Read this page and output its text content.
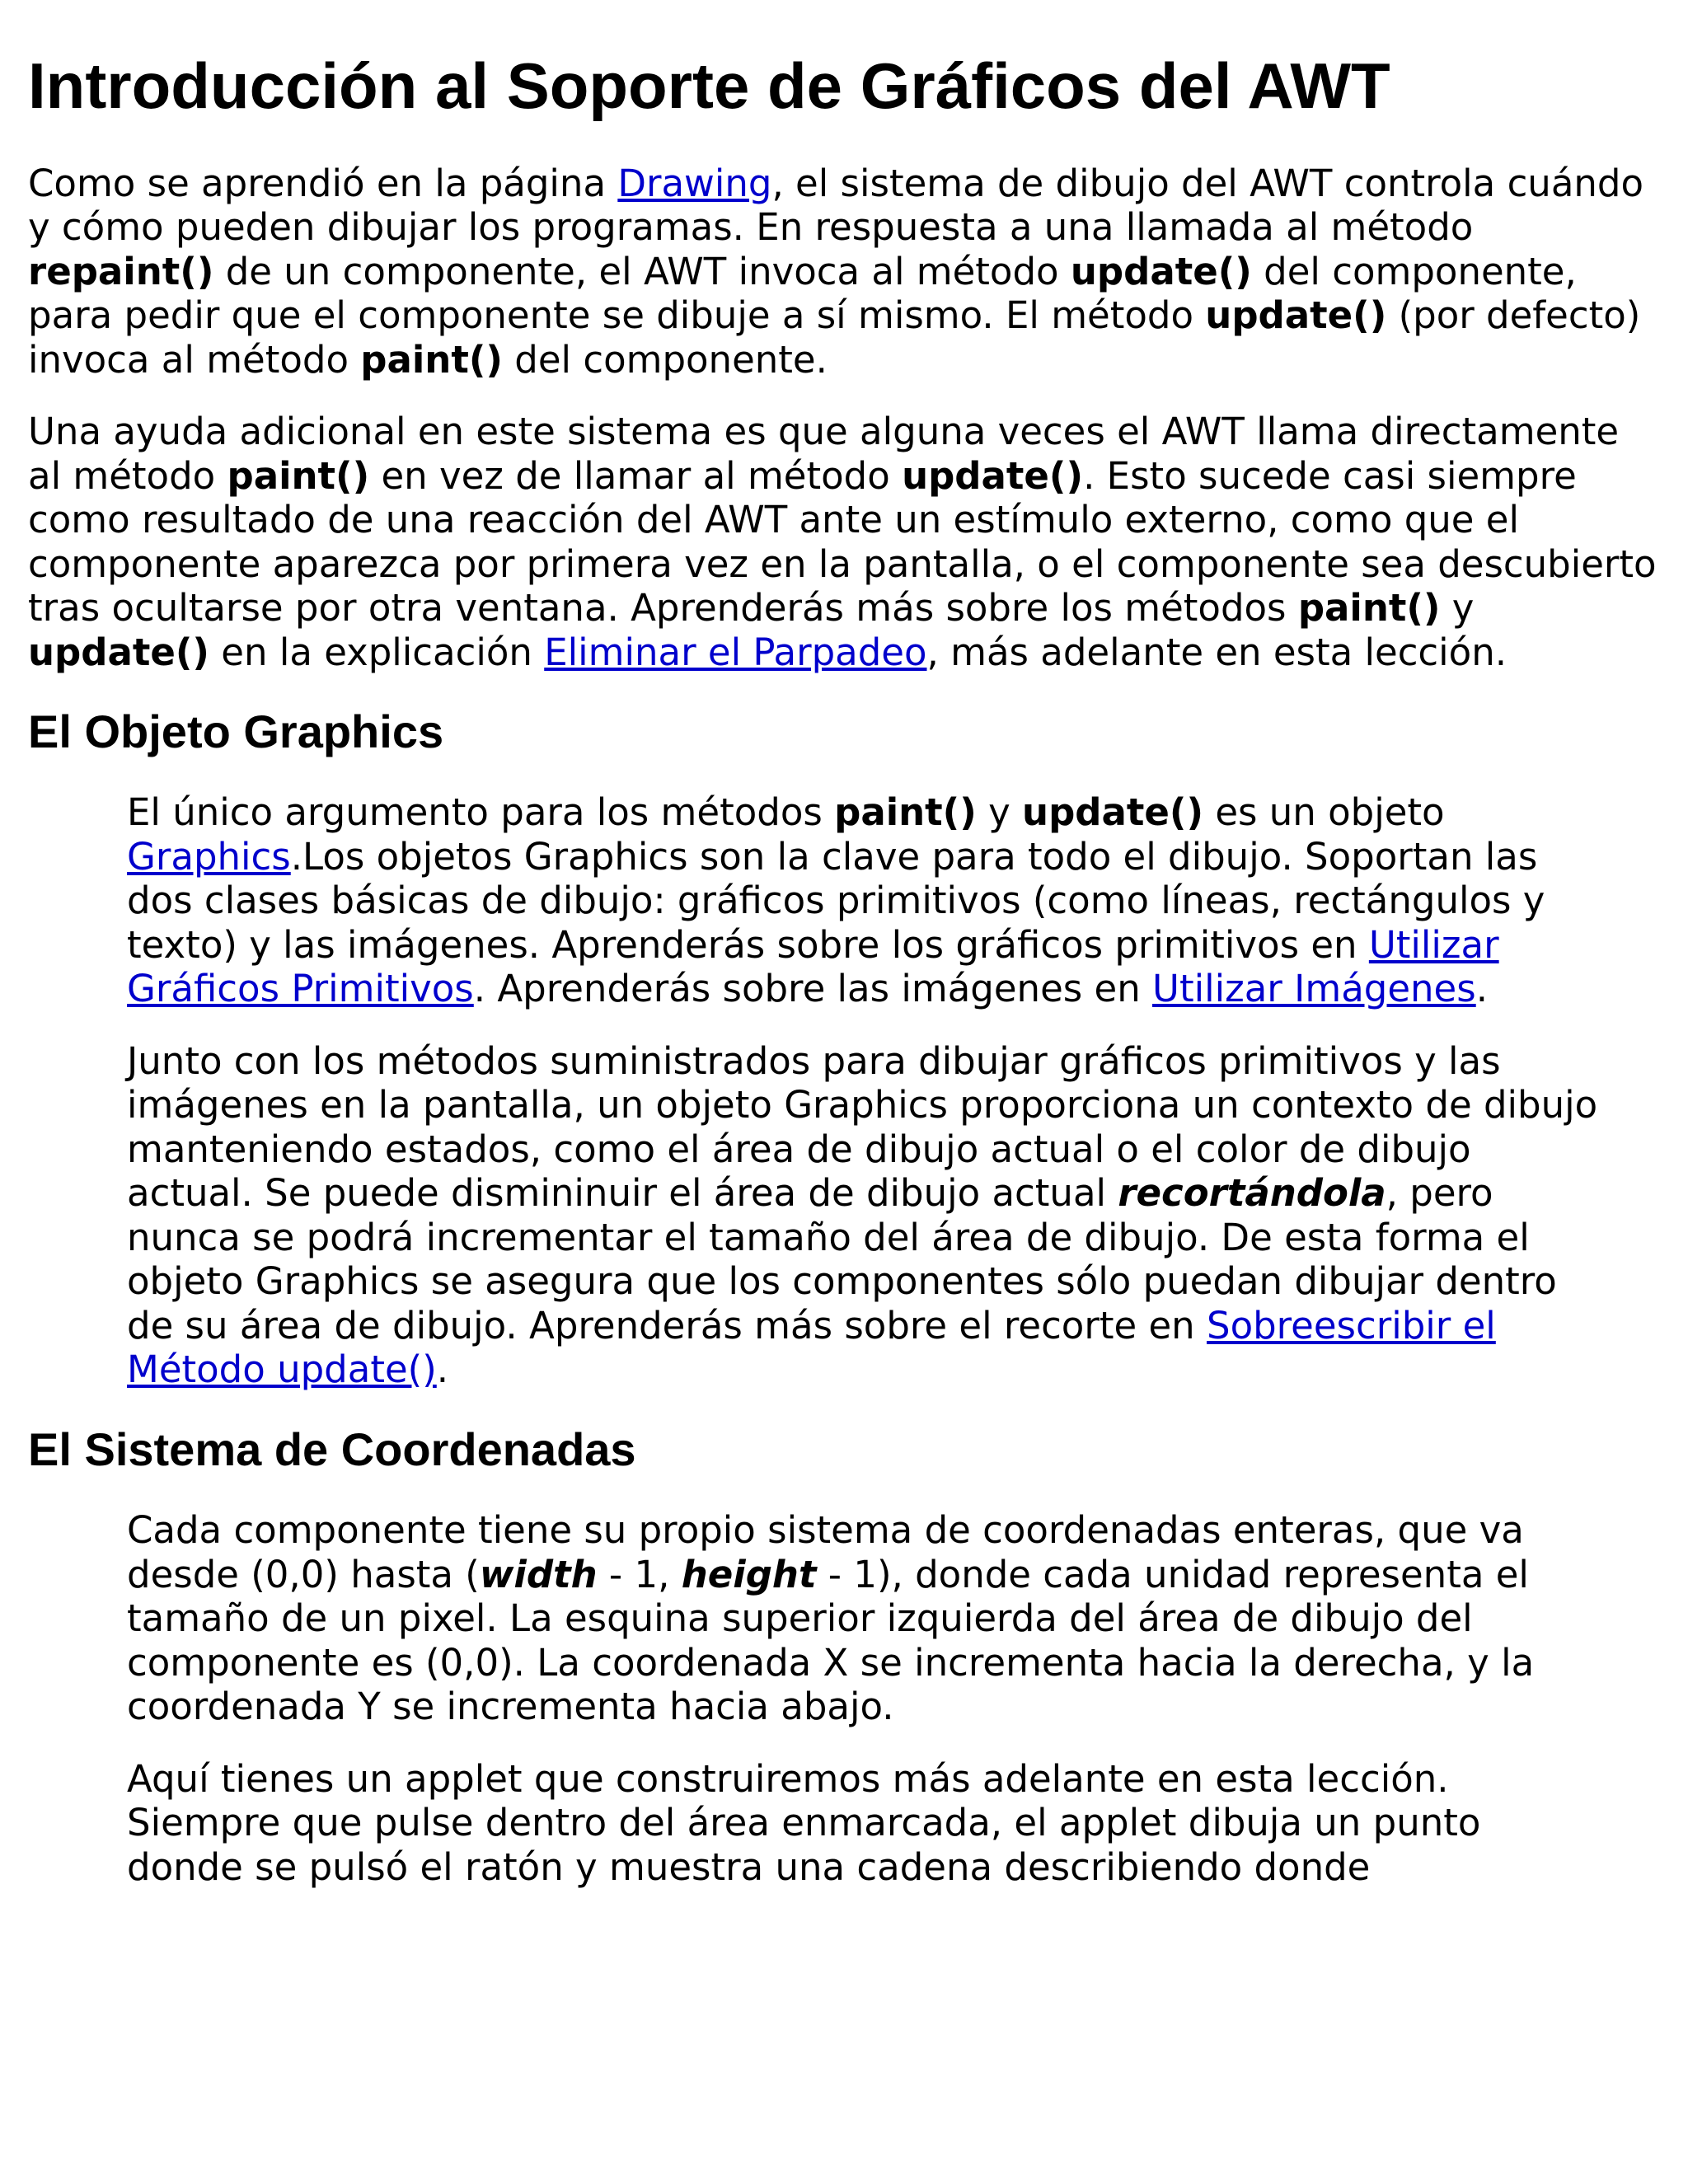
Introducción al Soporte de Gráficos del AWT

Como se aprendió en la página Drawing, el sistema de dibujo del AWT controla cuándo y cómo pueden dibujar los programas. En respuesta a una llamada al método repaint() de un componente, el AWT invoca al método update() del componente, para pedir que el componente se dibuje a sí mismo. El método update() (por defecto) invoca al método paint() del componente.

Una ayuda adicional en este sistema es que alguna veces el AWT llama directamente al método paint() en vez de llamar al método update(). Esto sucede casi siempre como resultado de una reacción del AWT ante un estímulo externo, como que el componente aparezca por primera vez en la pantalla, o el componente sea descubierto tras ocultarse por otra ventana. Aprenderás más sobre los métodos paint() y update() en la explicación Eliminar el Parpadeo, más adelante en esta lección.

El Objeto Graphics

El único argumento para los métodos paint() y update() es un objeto Graphics.Los objetos Graphics son la clave para todo el dibujo. Soportan las dos clases básicas de dibujo: gráficos primitivos (como líneas, rectángulos y texto) y las imágenes. Aprenderás sobre los gráficos primitivos en Utilizar Gráficos Primitivos. Aprenderás sobre las imágenes en Utilizar Imágenes.

Junto con los métodos suministrados para dibujar gráficos primitivos y las imágenes en la pantalla, un objeto Graphics proporciona un contexto de dibujo manteniendo estados, como el área de dibujo actual o el color de dibujo actual. Se puede dismininuir el área de dibujo actual recortándola, pero nunca se podrá incrementar el tamaño del área de dibujo. De esta forma el objeto Graphics se asegura que los componentes sólo puedan dibujar dentro de su área de dibujo. Aprenderás más sobre el recorte en Sobreescribir el Método update().

El Sistema de Coordenadas

Cada componente tiene su propio sistema de coordenadas enteras, que va desde (0,0) hasta (width - 1, height - 1), donde cada unidad representa el tamaño de un pixel. La esquina superior izquierda del área de dibujo del componente es (0,0). La coordenada X se incrementa hacia la derecha, y la coordenada Y se incrementa hacia abajo.

Aquí tienes un applet que construiremos más adelante en esta lección. Siempre que pulse dentro del área enmarcada, el applet dibuja un punto donde se pulsó el ratón y muestra una cadena describiendo donde
